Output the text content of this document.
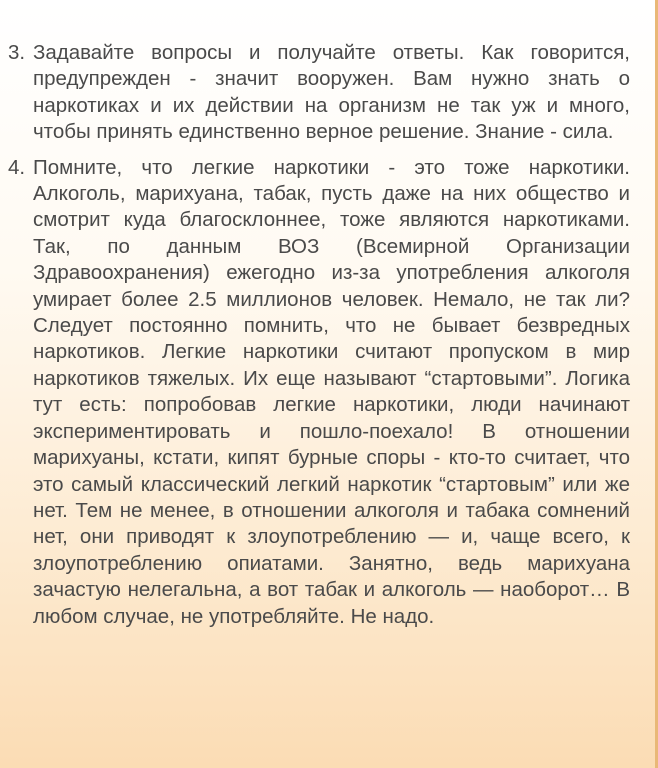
3. Задавайте вопросы и получайте ответы. Как говорится, предупрежден - значит вооружен. Вам нужно знать о наркотиках и их действии на организм не так уж и много, чтобы принять единственно верное решение. Знание - сила.
4. Помните, что легкие наркотики - это тоже наркотики. Алкоголь, марихуана, табак, пусть даже на них общество и смотрит куда благосклоннее, тоже являются наркотиками. Так, по данным ВОЗ (Всемирной Организации Здравоохранения) ежегодно из-за употребления алкоголя умирает более 2.5 миллионов человек. Немало, не так ли? Следует постоянно помнить, что не бывает безвредных наркотиков. Легкие наркотики считают пропуском в мир наркотиков тяжелых. Их еще называют “стартовыми”. Логика тут есть: попробовав легкие наркотики, люди начинают экспериментировать и пошло-поехало! В отношении марихуаны, кстати, кипят бурные споры - кто-то считает, что это самый классический легкий наркотик “стартовым” или же нет. Тем не менее, в отношении алкоголя и табака сомнений нет, они приводят к злоупотреблению — и, чаще всего, к злоупотреблению опиатами. Занятно, ведь марихуана зачастую нелегальна, а вот табак и алкоголь — наоборот… В любом случае, не употребляйте. Не надо.
